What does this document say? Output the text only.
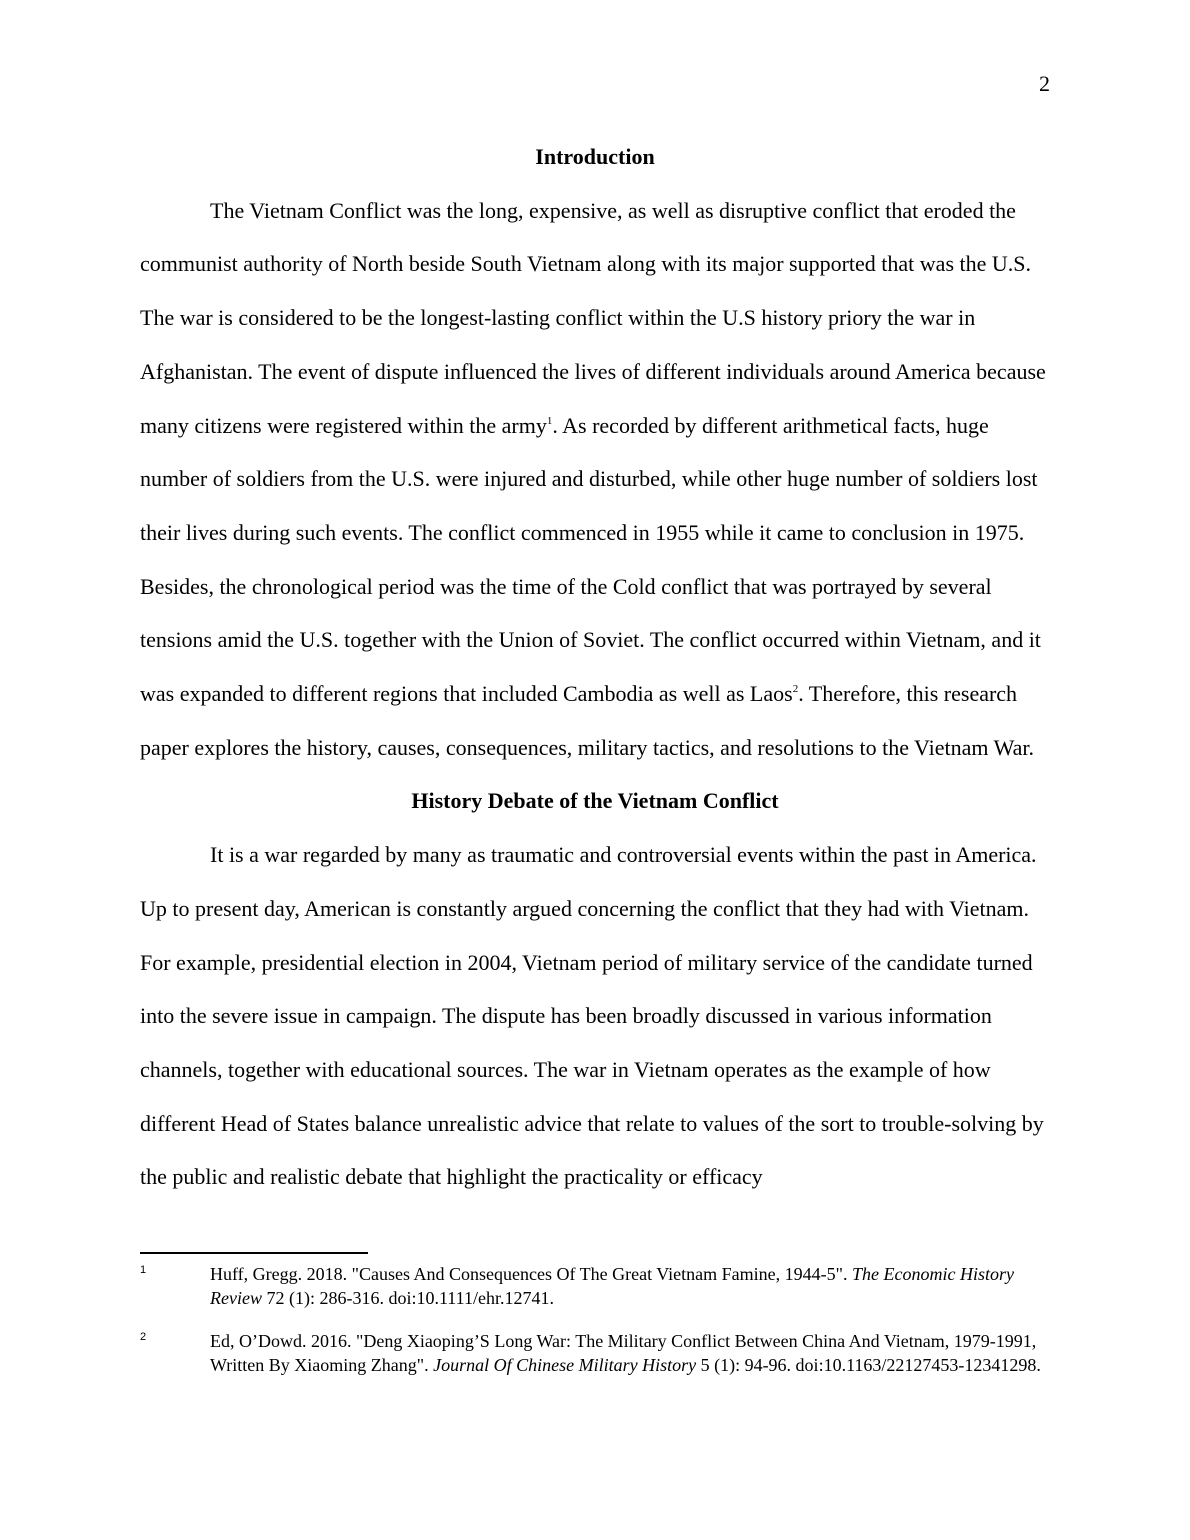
2
Introduction

The Vietnam Conflict was the long, expensive, as well as disruptive conflict that eroded the communist authority of North beside South Vietnam along with its major supported that was the U.S. The war is considered to be the longest-lasting conflict within the U.S history priory the war in Afghanistan. The event of dispute influenced the lives of different individuals around America because many citizens were registered within the army$^1$. As recorded by different arithmetical facts, huge number of soldiers from the U.S. were injured and disturbed, while other huge number of soldiers lost their lives during such events. The conflict commenced in 1955 while it came to conclusion in 1975. Besides, the chronological period was the time of the Cold conflict that was portrayed by several tensions amid the U.S. together with the Union of Soviet. The conflict occurred within Vietnam, and it was expanded to different regions that included Cambodia as well as Laos$^2$. Therefore, this research paper explores the history, causes, consequences, military tactics, and resolutions to the Vietnam War.

History Debate of the Vietnam Conflict

It is a war regarded by many as traumatic and controversial events within the past in America. Up to present day, American is constantly argued concerning the conflict that they had with Vietnam. For example, presidential election in 2004, Vietnam period of military service of the candidate turned into the severe issue in campaign. The dispute has been broadly discussed in various information channels, together with educational sources. The war in Vietnam operates as the example of how different Head of States balance unrealistic advice that relate to values of the sort to trouble-solving by the public and realistic debate that highlight the practicality or efficacy

1	Huff, Gregg. 2018. "Causes And Consequences Of The Great Vietnam Famine, 1944-5". The Economic History Review 72 (1): 286-316. doi:10.1111/ehr.12741.

2	Ed, O’Dowd. 2016. "Deng Xiaoping’S Long War: The Military Conflict Between China And Vietnam, 1979-1991, Written By Xiaoming Zhang". Journal Of Chinese Military History 5 (1): 94-96. doi:10.1163/22127453-12341298.
